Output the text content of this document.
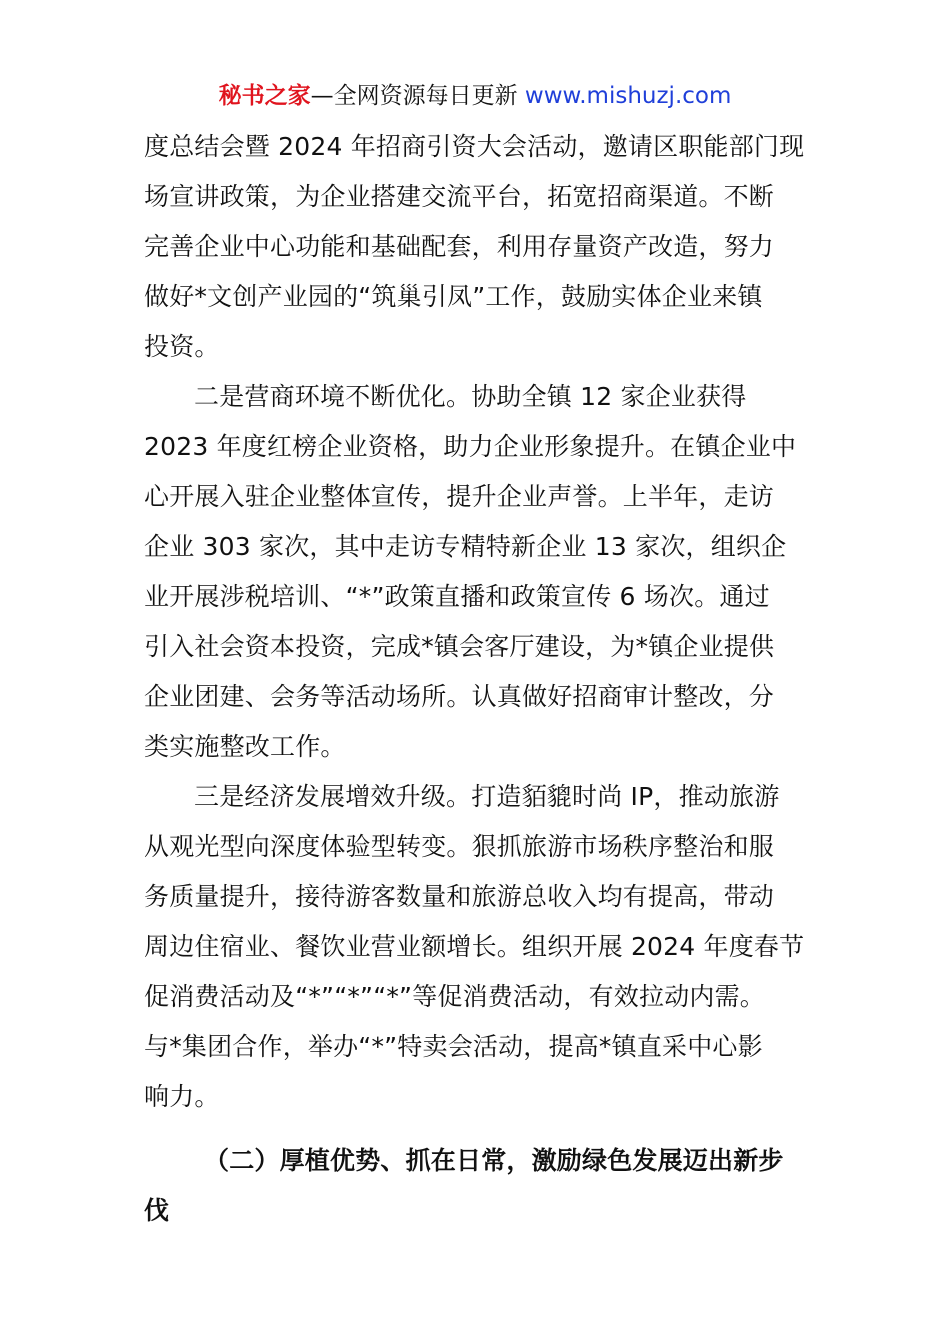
秘书之家—全网资源每日更新 www.mishuzj.com
度总结会暨 2024 年招商引资大会活动，邀请区职能部门现
场宣讲政策，为企业搭建交流平台，拓宽招商渠道。不断
完善企业中心功能和基础配套，利用存量资产改造，努力
做好*文创产业园的“筑巢引凤”工作，鼓励实体企业来镇
投资。
二是营商环境不断优化。协助全镇 12 家企业获得
2023 年度红榜企业资格，助力企业形象提升。在镇企业中
心开展入驻企业整体宣传，提升企业声誉。上半年，走访
企业 303 家次，其中走访专精特新企业 13 家次，组织企
业开展涉税培训、“*”政策直播和政策宣传 6 场次。通过
引入社会资本投资，完成*镇会客厅建设，为*镇企业提供
企业团建、会务等活动场所。认真做好招商审计整改，分
类实施整改工作。
三是经济发展增效升级。打造貊貔时尚 IP，推动旅游
从观光型向深度体验型转变。狠抓旅游市场秩序整治和服
务质量提升，接待游客数量和旅游总收入均有提高，带动
周边住宿业、餐饮业营业额增长。组织开展 2024 年度春节
促消费活动及“*”“*”“*”等促消费活动，有效拉动内需。
与*集团合作，举办“*”特卖会活动，提高*镇直采中心影
响力。
（二）厚植优势、抓在日常，激励绿色发展迈出新步
伐
